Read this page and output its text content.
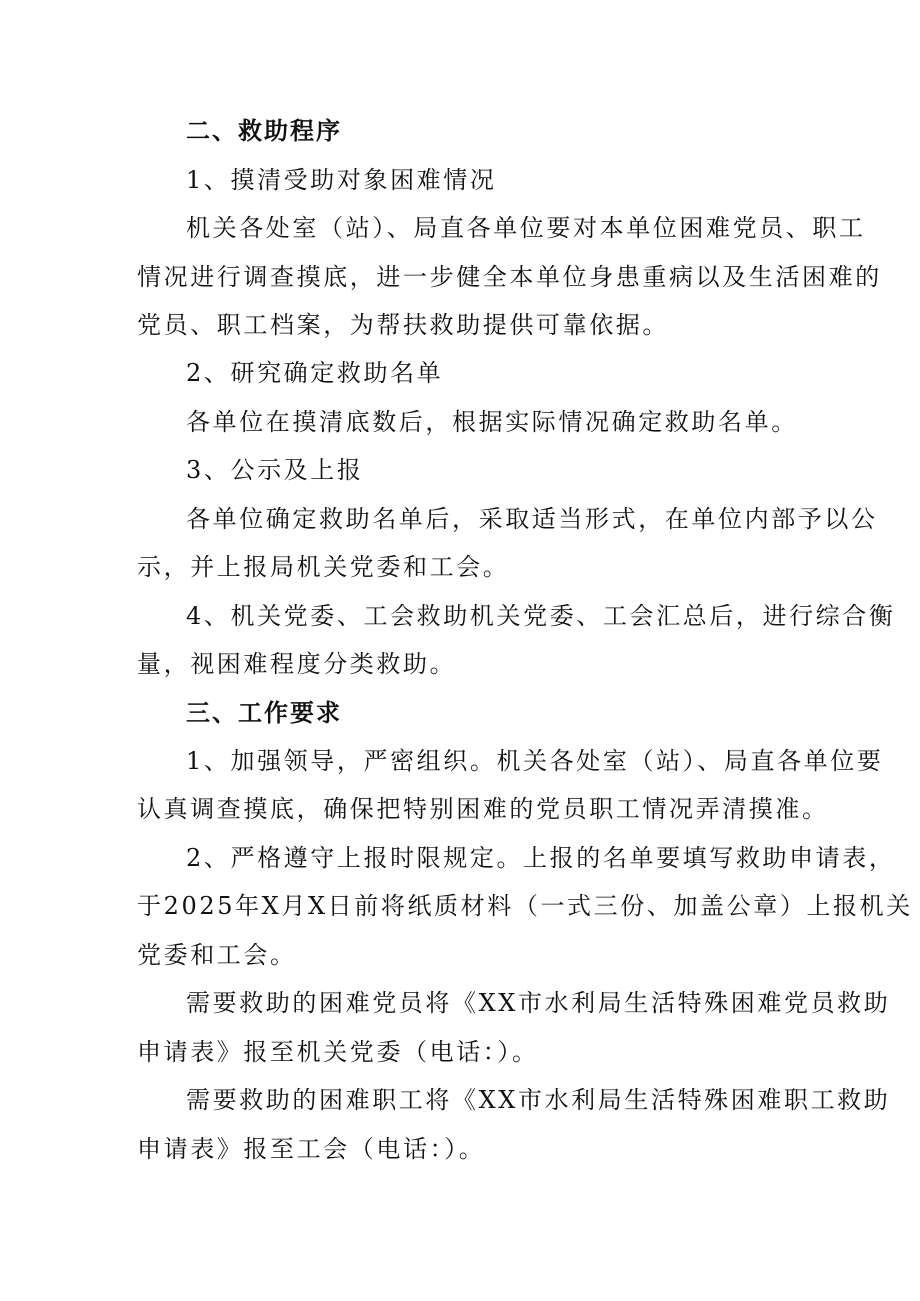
二、救助程序
1、摸清受助对象困难情况
机关各处室（站）、局直各单位要对本单位困难党员、职工
情况进行调查摸底，进一步健全本单位身患重病以及生活困难的
党员、职工档案，为帮扶救助提供可靠依据。
2、研究确定救助名单
各单位在摸清底数后，根据实际情况确定救助名单。
3、公示及上报
各单位确定救助名单后，采取适当形式，在单位内部予以公
示，并上报局机关党委和工会。
4、机关党委、工会救助机关党委、工会汇总后，进行综合衡
量，视困难程度分类救助。
三、工作要求
1、加强领导，严密组织。机关各处室（站）、局直各单位要
认真调查摸底，确保把特别困难的党员职工情况弄清摸准。
2、严格遵守上报时限规定。上报的名单要填写救助申请表，
于2025年X月X日前将纸质材料（一式三份、加盖公章）上报机关
党委和工会。
需要救助的困难党员将《XX市水利局生活特殊困难党员救助
申请表》报至机关党委（电话：）。
需要救助的困难职工将《XX市水利局生活特殊困难职工救助
申请表》报至工会（电话：）。
